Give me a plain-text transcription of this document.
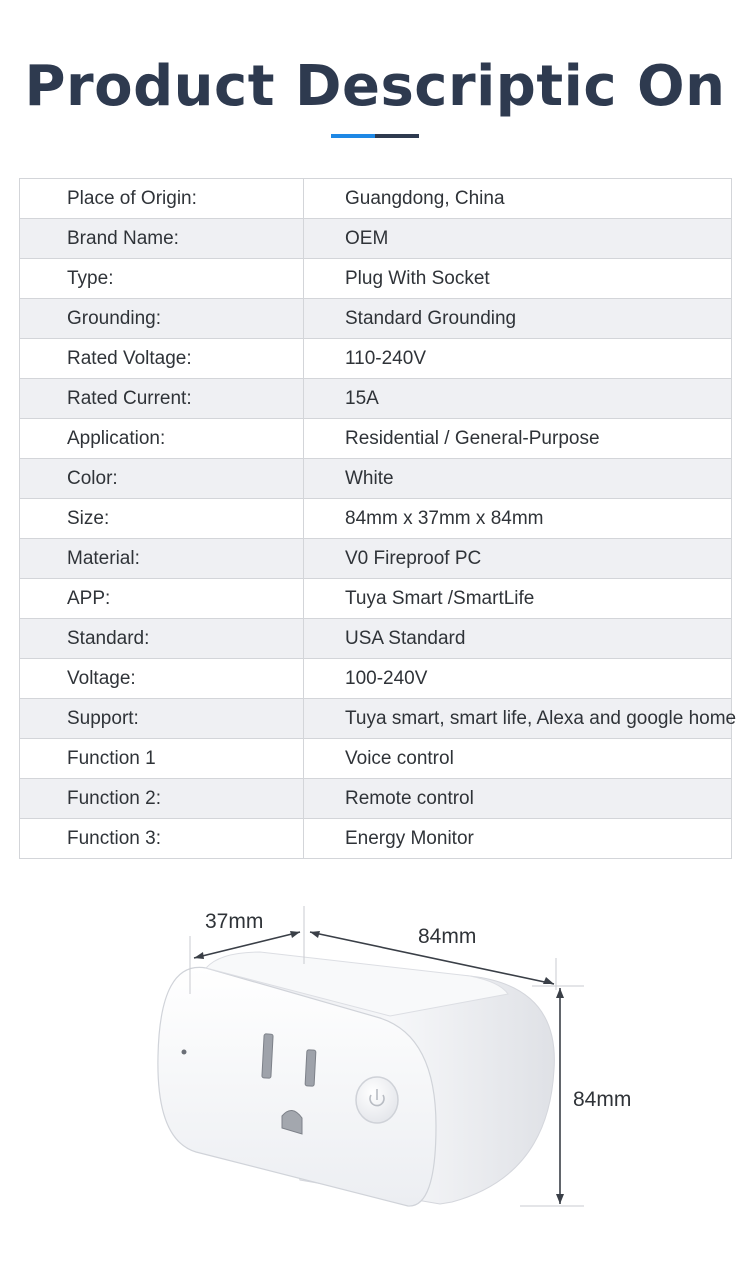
Product Descriptic On
Place of Origin:	Guangdong, China
Brand Name:	OEM
Type:	Plug With Socket
Grounding:	Standard Grounding
Rated Voltage:	110-240V
Rated Current:	15A
Application:	Residential / General-Purpose
Color:	White
Size:	84mm x 37mm x 84mm
Material:	V0 Fireproof PC
APP:	Tuya Smart /SmartLife
Standard:	USA Standard
Voltage:	100-240V
Support:	Tuya smart, smart life, Alexa and google home
Function 1	Voice control
Function 2:	Remote control
Function 3:	Energy Monitor
37mm
84mm
84mm
